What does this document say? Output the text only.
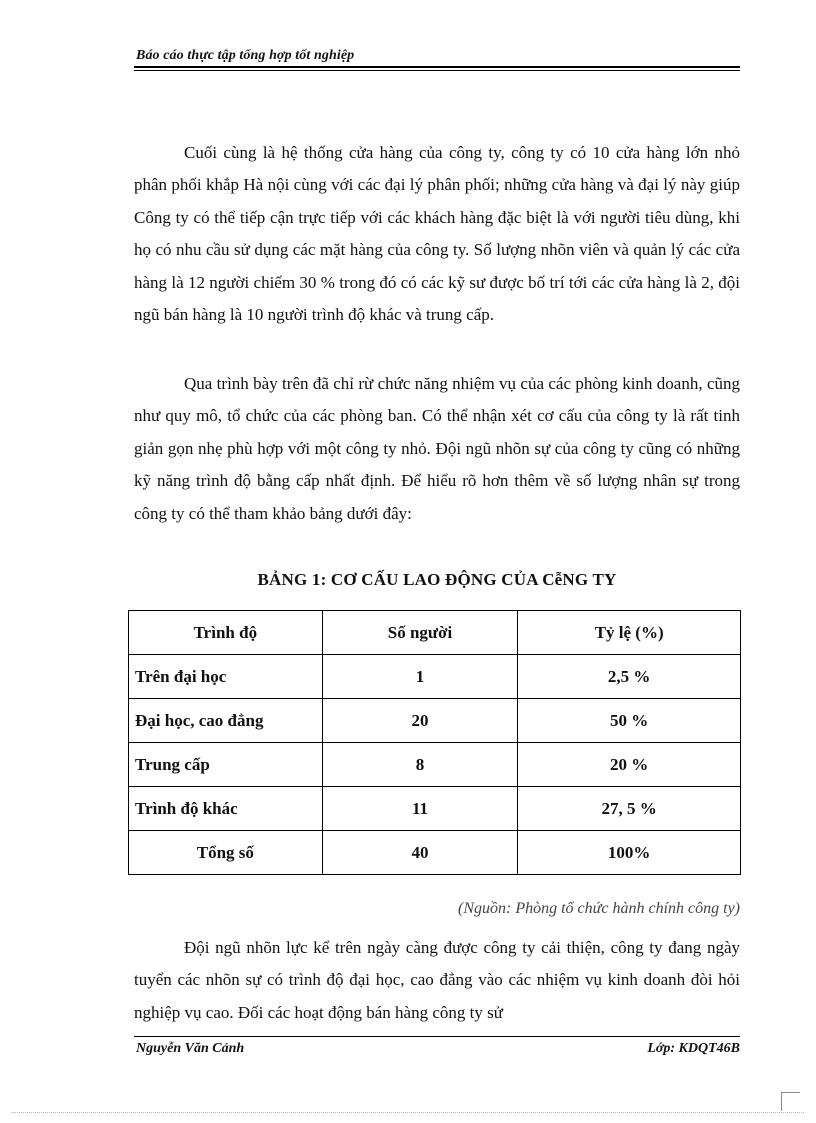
Báo cáo thực tập tổng hợp tốt nghiệp

Cuối cùng là hệ thống cửa hàng của công ty, công ty có 10 cửa hàng lớn nhỏ phân phối khắp Hà nội cùng với các đại lý phân phối; những cửa hàng và đại lý này giúp Công ty có thể tiếp cận trực tiếp với các khách hàng đặc biệt là với người tiêu dùng, khi họ có nhu cầu sử dụng các mặt hàng của công ty. Số lượng nhõn viên và quản lý các cửa hàng là 12 người chiếm 30 % trong đó có các kỹ sư được bố trí tới các cửa hàng là 2, đội ngũ bán hàng là 10 người trình độ khác và trung cấp.

Qua trình bày trên đã chỉ rừ chức năng nhiệm vụ của các phòng kinh doanh, cũng như quy mô, tổ chức của các phòng ban. Có thể nhận xét cơ cấu của công ty là rất tinh giản gọn nhẹ phù hợp với một công ty nhỏ. Đội ngũ nhõn sự của công ty cũng có những kỹ năng trình độ bằng cấp nhất định. Để hiểu rõ hơn thêm về số lượng nhân sự trong công ty có thể tham khảo bảng dưới đây:

BẢNG 1: CƠ CẤU LAO ĐỘNG CỦA CễNG TY
Trình độ	Số người	Tỷ lệ (%)
Trên đại học	1	2,5 %
Đại học, cao đẳng	20	50 %
Trung cấp	8	20 %
Trình độ khác	11	27, 5 %
Tổng số	40	100%
(Nguồn: Phòng tổ chức hành chính công ty)

Đội ngũ nhõn lực kể trên ngày càng được công ty cải thiện, công ty đang ngày tuyển các nhõn sự có trình độ đại học, cao đẳng vào các nhiệm vụ kinh doanh đòi hỏi nghiệp vụ cao. Đối các hoạt động bán hàng công ty sử

Nguyễn Văn Cảnh	Lớp: KDQT46B
